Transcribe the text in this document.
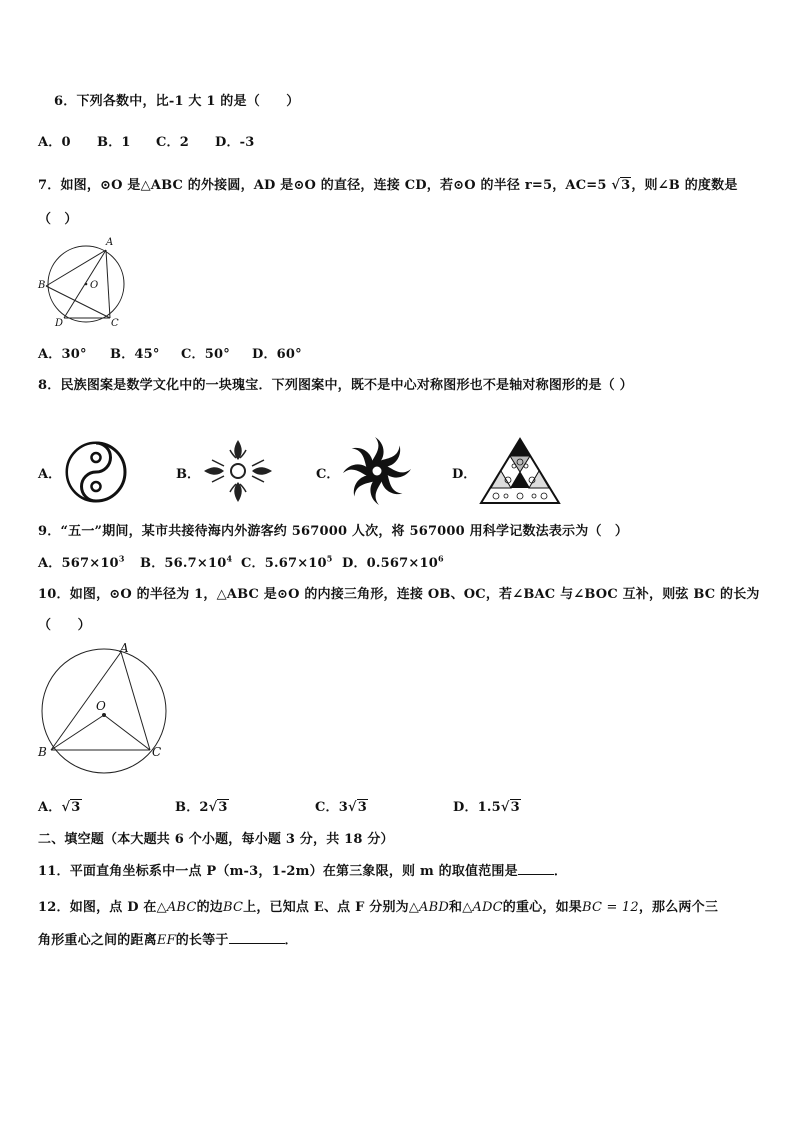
6．下列各数中，比-1 大 1 的是（　　）
A．0 B．1 C．2 D．-3
7．如图，⊙O 是△ABC 的外接圆，AD 是⊙O 的直径，连接 CD，若⊙O 的半径 r=5，AC=5 √3，则∠B 的度数是
（　）
A
B	O
D	C
A．30° B．45° C．50° D．60°
8．民族图案是数学文化中的一块瑰宝．下列图案中，既不是中心对称图形也不是轴对称图形的是（ ）
A．	B．	C．	D．
9．“五一”期间，某市共接待海内外游客约 567000 人次，将 567000 用科学记数法表示为（　）
A．$567\times 10^3$ B．$56.7\times 10^4$ C．$5.67\times 10^5$ D．$0.567\times 10^6$
10．如图，⊙O 的半径为 1，△ABC 是⊙O 的内接三角形，连接 OB、OC，若∠BAC 与∠BOC 互补，则弦 BC 的长为
（　　）
A
O
B	C
A．√3	B．2√3	C．3√3	D．1.5√3
二、填空题（本大题共 6 个小题，每小题 3 分，共 18 分）
11．平面直角坐标系中一点 P（m-3，1-2m）在第三象限，则 m 的取值范围是	．
12．如图，点 D 在△ABC的边BC上，已知点 E、点 F 分别为△ABD和△ADC的重心，如果BC = 12，那么两个三
角形重心之间的距离EF的长等于	．
